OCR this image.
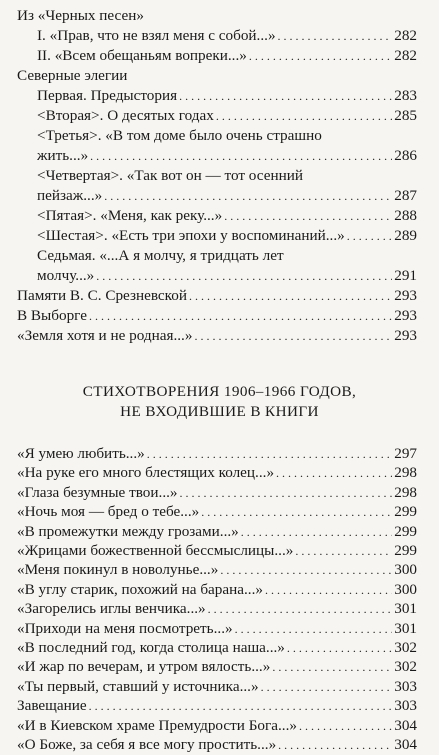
Из «Черных песен»
I. «Прав, что не взял меня с собой...» . . .	282
II. «Всем обещаньям вопреки...» . . .	282
Северные элегии
Первая. Предыстория . . .	283
<Вторая>. О десятых годах . . .	285
<Третья>. «В том доме было очень страшно
жить...» . . .	286
<Четвертая>. «Так вот он — тот осенний
пейзаж...» . . .	287
<Пятая>. «Меня, как реку...» . . .	288
<Шестая>. «Есть три эпохи у воспоминаний...» . . .	289
Седьмая. «...А я молчу, я тридцать лет
молчу...» . . .	291
Памяти В. С. Срезневской . . .	293
В Выборге . . .	293
«Земля хотя и не родная...» . . .	293
СТИХОТВОРЕНИЯ 1906–1966 ГОДОВ,
НЕ ВХОДИВШИЕ В КНИГИ
«Я умею любить...» . . .	297
«На руке его много блестящих колец...» . . .	298
«Глаза безумные твои...» . . .	298
«Ночь моя — бред о тебе...» . . .	299
«В промежутки между грозами...» . . .	299
«Жрицами божественной бессмыслицы...» . . .	299
«Меня покинул в новолунье...» . . .	300
«В углу старик, похожий на барана...» . . .	300
«Загорелись иглы венчика...» . . .	301
«Приходи на меня посмотреть...» . . .	301
«В последний год, когда столица наша...» . . .	302
«И жар по вечерам, и утром вялость...» . . .	302
«Ты первый, ставший у источника...» . . .	303
Завещание . . .	303
«И в Киевском храме Премудрости Бога...» . . .	304
«О Боже, за себя я все могу простить...» . . .	304
